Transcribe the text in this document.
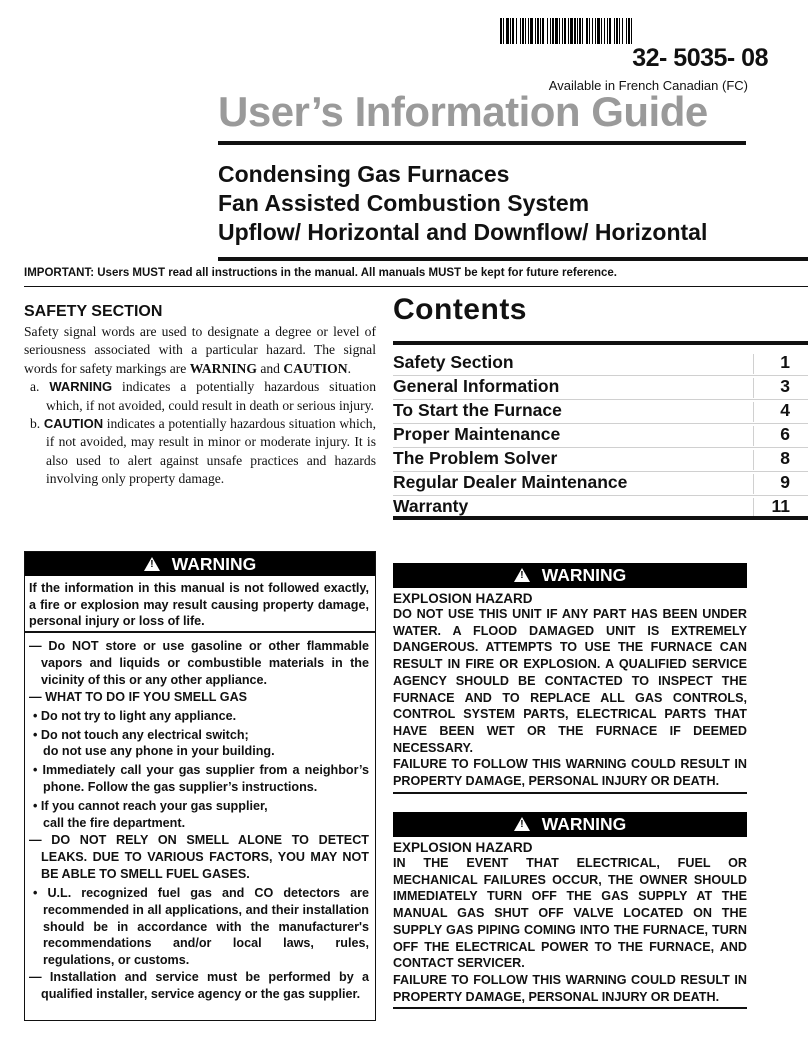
32- 5035- 08
Available in French Canadian (FC)
User’s Information Guide
Condensing Gas Furnaces
Fan Assisted Combustion System
Upflow/ Horizontal and Downflow/ Horizontal
IMPORTANT: Users MUST read all instructions in the manual. All manuals MUST be kept for future reference.
SAFETY SECTION

Safety signal words are used to designate a degree or level of seriousness associated with a particular hazard. The signal words for safety markings are WARNING and CAUTION.

a. WARNING indicates a potentially hazardous situation which, if not avoided, could result in death or serious injury.

b. CAUTION indicates a potentially hazardous situation which, if not avoided, may result in minor or moderate injury. It is also used to alert against unsafe practices and hazards involving only property damage.

Contents
Safety Section	1
General Information	3
To Start the Furnace	4
Proper Maintenance	6
The Problem Solver	8
Regular Dealer Maintenance	9
Warranty	11
! WARNING
If the information in this manual is not followed exactly, a fire or explosion may result causing property damage, personal injury or loss of life.

— Do NOT store or use gasoline or other flammable vapors and liquids or combustible materials in the vicinity of this or any other appliance.

— WHAT TO DO IF YOU SMELL GAS

• Do not try to light any appliance.

• Do not touch any electrical switch;

do not use any phone in your building.

• Immediately call your gas supplier from a neighbor’s phone. Follow the gas supplier’s instructions.

• If you cannot reach your gas supplier,

call the fire department.

— DO NOT RELY ON SMELL ALONE TO DETECT LEAKS. DUE TO VARIOUS FACTORS, YOU MAY NOT BE ABLE TO SMELL FUEL GASES.

• U.L. recognized fuel gas and CO detectors are recommended in all applications, and their installation should be in accordance with the manufacturer's recommendations and/or local laws, rules, regulations, or customs.

— Installation and service must be performed by a qualified installer, service agency or the gas supplier.

! WARNING
EXPLOSION HAZARD
DO NOT USE THIS UNIT IF ANY PART HAS BEEN UNDER WATER. A FLOOD DAMAGED UNIT IS EXTREMELY DANGEROUS. ATTEMPTS TO USE THE FURNACE CAN RESULT IN FIRE OR EXPLOSION. A QUALIFIED SERVICE AGENCY SHOULD BE CONTACTED TO INSPECT THE FURNACE AND TO REPLACE ALL GAS CONTROLS, CONTROL SYSTEM PARTS, ELECTRICAL PARTS THAT HAVE BEEN WET OR THE FURNACE IF DEEMED NECESSARY.
FAILURE TO FOLLOW THIS WARNING COULD RESULT IN PROPERTY DAMAGE, PERSONAL INJURY OR DEATH.
! WARNING
EXPLOSION HAZARD
IN THE EVENT THAT ELECTRICAL, FUEL OR MECHANICAL FAILURES OCCUR, THE OWNER SHOULD IMMEDIATELY TURN OFF THE GAS SUPPLY AT THE MANUAL GAS SHUT OFF VALVE LOCATED ON THE SUPPLY GAS PIPING COMING INTO THE FURNACE, TURN OFF THE ELECTRICAL POWER TO THE FURNACE, AND CONTACT SERVICER.
FAILURE TO FOLLOW THIS WARNING COULD RESULT IN PROPERTY DAMAGE, PERSONAL INJURY OR DEATH.
